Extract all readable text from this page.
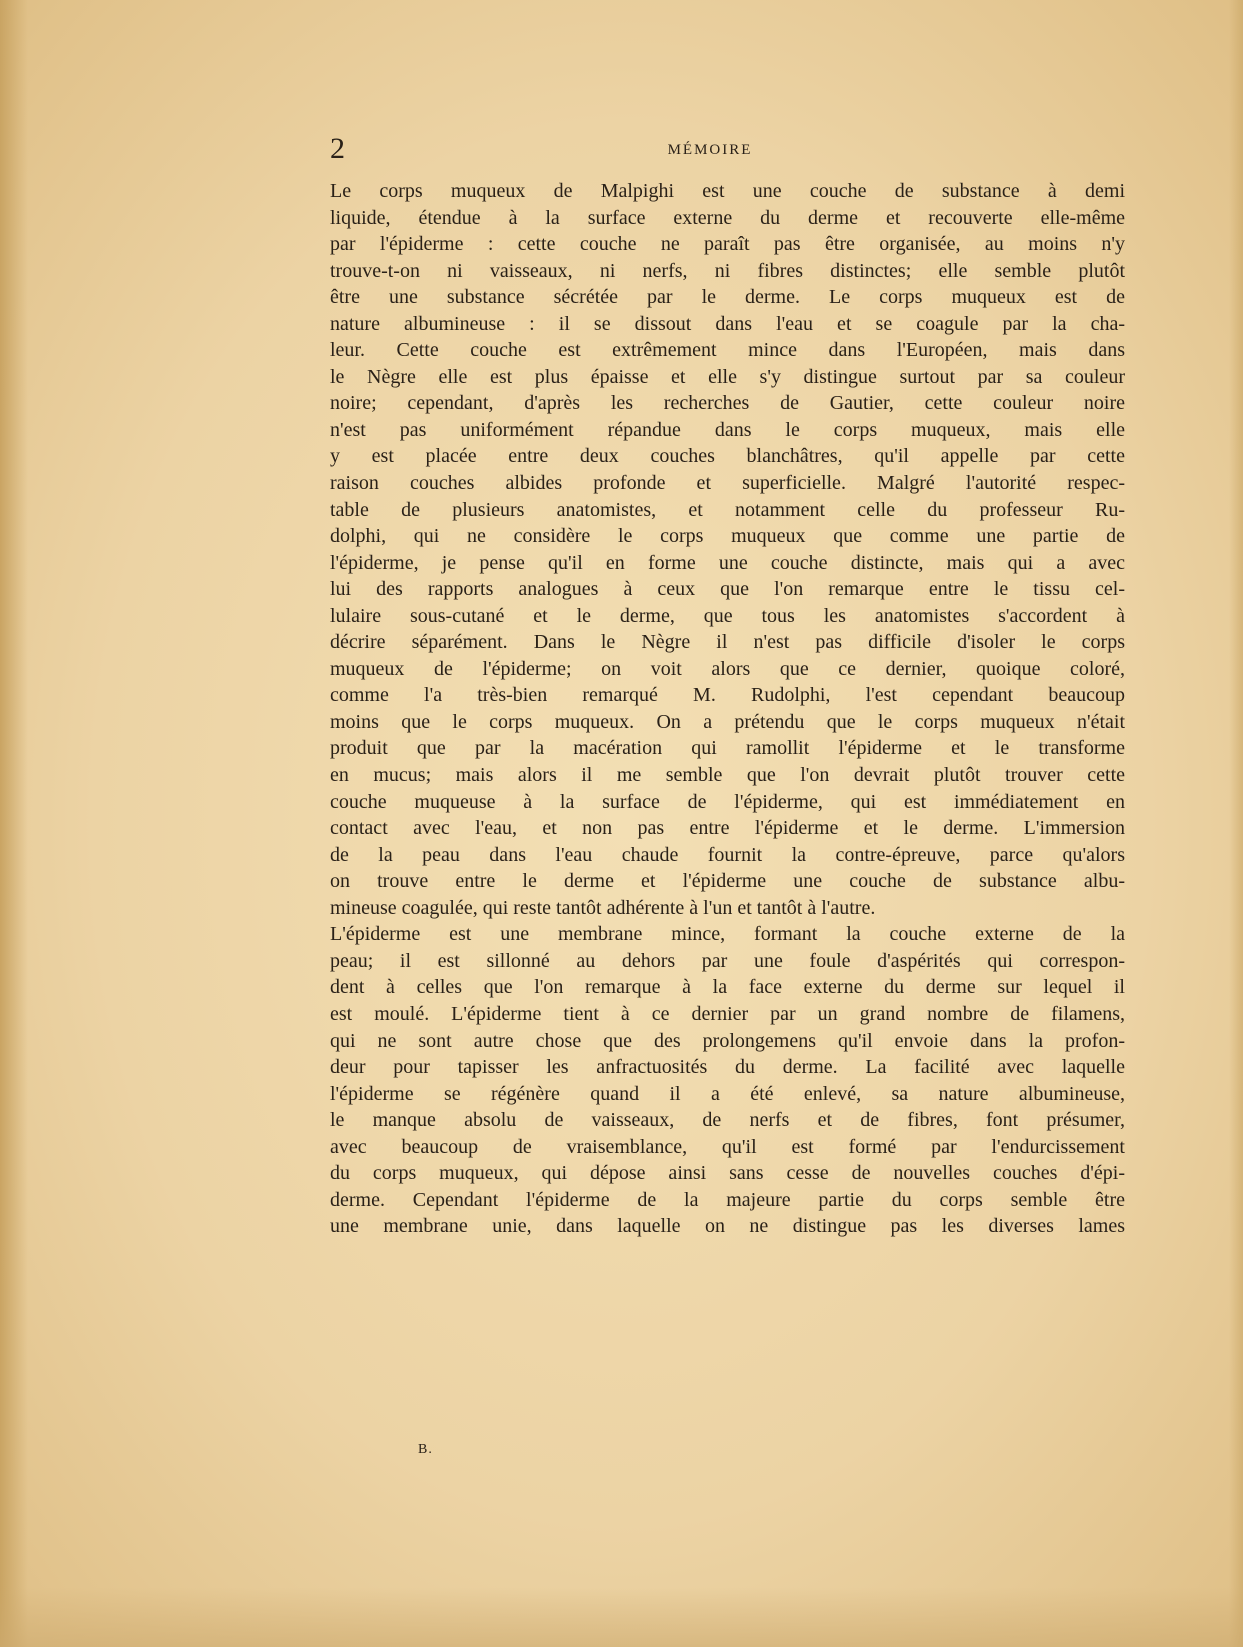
2	MÉMOIRE
Le corps muqueux de Malpighi est une couche de substance à demi
liquide, étendue à la surface externe du derme et recouverte elle-même
par l'épiderme : cette couche ne paraît pas être organisée, au moins n'y
trouve-t-on ni vaisseaux, ni nerfs, ni fibres distinctes; elle semble plutôt
être une substance sécrétée par le derme. Le corps muqueux est de
nature albumineuse : il se dissout dans l'eau et se coagule par la cha-
leur. Cette couche est extrêmement mince dans l'Européen, mais dans
le Nègre elle est plus épaisse et elle s'y distingue surtout par sa couleur
noire; cependant, d'après les recherches de Gautier, cette couleur noire
n'est pas uniformément répandue dans le corps muqueux, mais elle
y est placée entre deux couches blanchâtres, qu'il appelle par cette
raison couches albides profonde et superficielle. Malgré l'autorité respec-
table de plusieurs anatomistes, et notamment celle du professeur Ru-
dolphi, qui ne considère le corps muqueux que comme une partie de
l'épiderme, je pense qu'il en forme une couche distincte, mais qui a avec
lui des rapports analogues à ceux que l'on remarque entre le tissu cel-
lulaire sous-cutané et le derme, que tous les anatomistes s'accordent à
décrire séparément. Dans le Nègre il n'est pas difficile d'isoler le corps
muqueux de l'épiderme; on voit alors que ce dernier, quoique coloré,
comme l'a très-bien remarqué M. Rudolphi, l'est cependant beaucoup
moins que le corps muqueux. On a prétendu que le corps muqueux n'était
produit que par la macération qui ramollit l'épiderme et le transforme
en mucus; mais alors il me semble que l'on devrait plutôt trouver cette
couche muqueuse à la surface de l'épiderme, qui est immédiatement en
contact avec l'eau, et non pas entre l'épiderme et le derme. L'immersion
de la peau dans l'eau chaude fournit la contre-épreuve, parce qu'alors
on trouve entre le derme et l'épiderme une couche de substance albu-
mineuse coagulée, qui reste tantôt adhérente à l'un et tantôt à l'autre.
L'épiderme est une membrane mince, formant la couche externe de la
peau; il est sillonné au dehors par une foule d'aspérités qui correspon-
dent à celles que l'on remarque à la face externe du derme sur lequel il
est moulé. L'épiderme tient à ce dernier par un grand nombre de filamens,
qui ne sont autre chose que des prolongemens qu'il envoie dans la profon-
deur pour tapisser les anfractuosités du derme. La facilité avec laquelle
l'épiderme se régénère quand il a été enlevé, sa nature albumineuse,
le manque absolu de vaisseaux, de nerfs et de fibres, font présumer,
avec beaucoup de vraisemblance, qu'il est formé par l'endurcissement
du corps muqueux, qui dépose ainsi sans cesse de nouvelles couches d'épi-
derme. Cependant l'épiderme de la majeure partie du corps semble être
une membrane unie, dans laquelle on ne distingue pas les diverses lames
B.
